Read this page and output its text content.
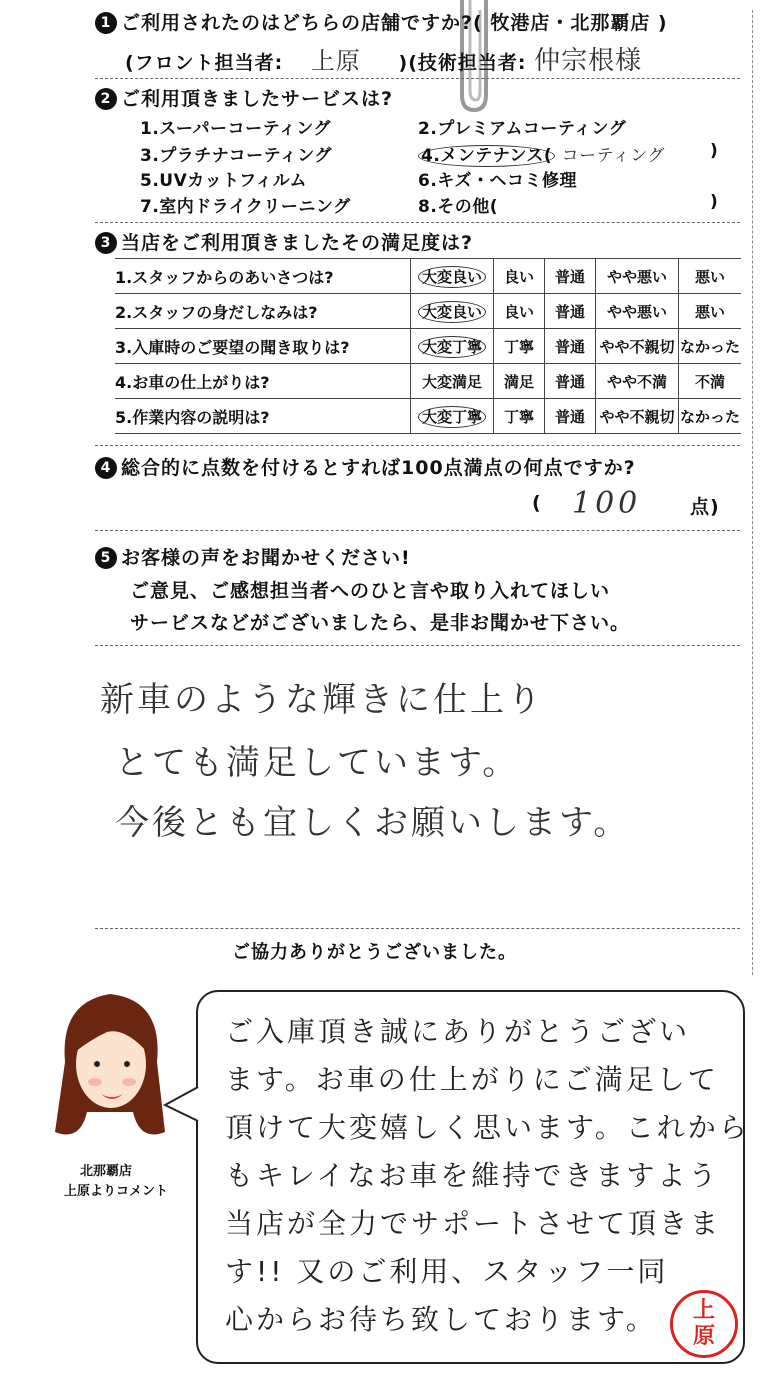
1 ご利用されたのはどちらの店舗ですか?( 牧港店・北那覇店 )
(フロント担当者: 上原 )(技術担当者: 仲宗根様
2 ご利用頂きましたサービスは?
1.スーパーコーティング	2.プレミアムコーティング
3.プラチナコーティング	4.メンテナンス( コーティング	)
5.UVカットフィルム	6.キズ・ヘコミ修理
7.室内ドライクリーニング	8.その他(	)
3 当店をご利用頂きましたその満足度は?
1.スタッフからのあいさつは?	大変良い	良い	普通	やや悪い	悪い
2.スタッフの身だしなみは?	大変良い	良い	普通	やや悪い	悪い
3.入庫時のご要望の聞き取りは?	大変丁寧	丁寧	普通	やや不親切	なかった
4.お車の仕上がりは?	大変満足	満足	普通	やや不満	不満
5.作業内容の説明は?	大変丁寧	丁寧	普通	やや不親切	なかった
4 総合的に点数を付けるとすれば100点満点の何点ですか?
( 100	点)
5 お客様の声をお聞かせください!
ご意見、ご感想担当者へのひと言や取り入れてほしい
サービスなどがございましたら、是非お聞かせ下さい。
新車のような輝きに仕上り
とても満足しています。
今後とも宜しくお願いします。
ご協力ありがとうございました。
北那覇店
上原よりコメント
ご入庫頂き誠にありがとうござい
ます。お車の仕上がりにご満足して
頂けて大変嬉しく思います。これから
もキレイなお車を維持できますよう
当店が全力でサポートさせて頂きま
す!! 又のご利用、スタッフ一同
心からお待ち致しております。 上原
